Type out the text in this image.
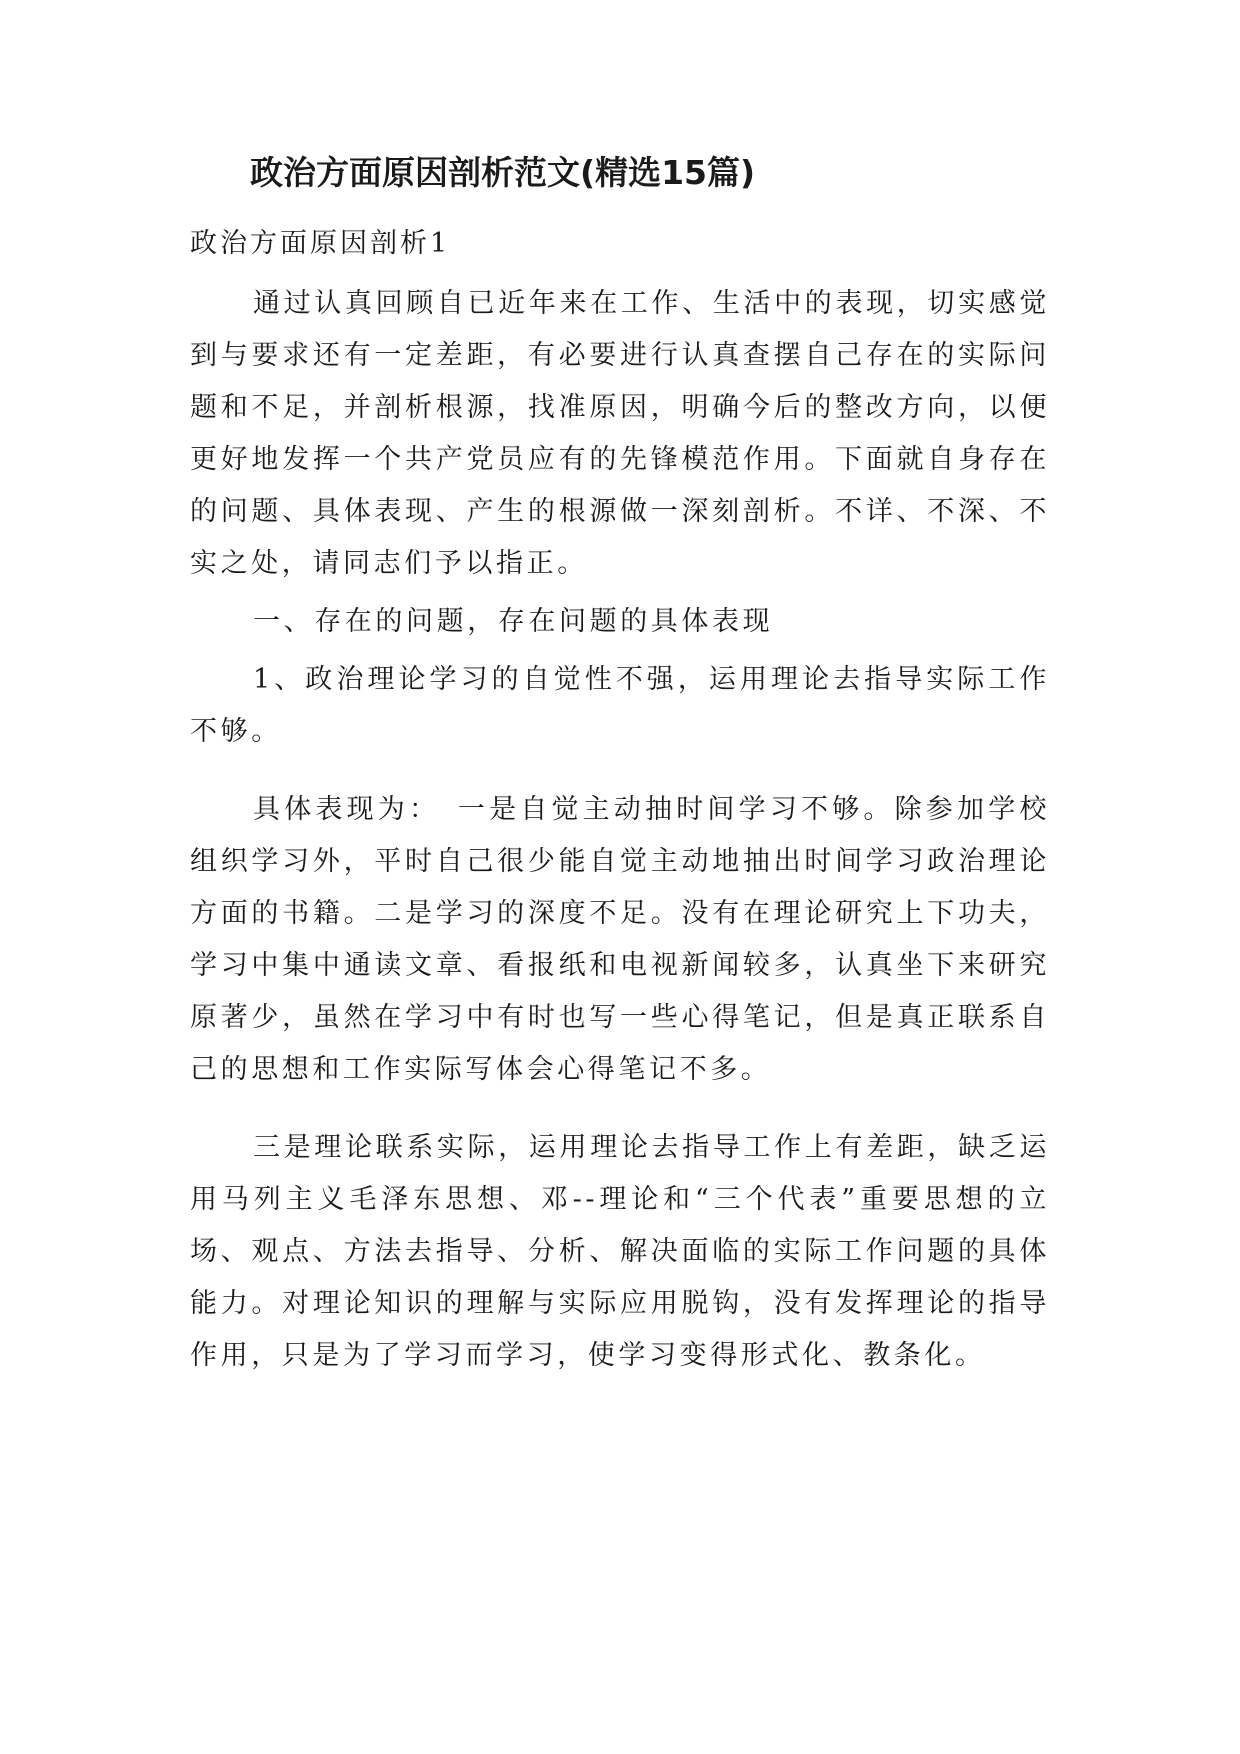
政治方面原因剖析范文(精选15篇)
政治方面原因剖析1

通过认真回顾自已近年来在工作、生活中的表现，切实感觉到与要求还有一定差距，有必要进行认真查摆自己存在的实际问题和不足，并剖析根源，找准原因，明确今后的整改方向，以便更好地发挥一个共产党员应有的先锋模范作用。下面就自身存在的问题、具体表现、产生的根源做一深刻剖析。不详、不深、不实之处，请同志们予以指正。

一、存在的问题，存在问题的具体表现

1、政治理论学习的自觉性不强，运用理论去指导实际工作不够。

具体表现为：　一是自觉主动抽时间学习不够。除参加学校组织学习外，平时自己很少能自觉主动地抽出时间学习政治理论方面的书籍。二是学习的深度不足。没有在理论研究上下功夫，学习中集中通读文章、看报纸和电视新闻较多，认真坐下来研究原著少，虽然在学习中有时也写一些心得笔记，但是真正联系自己的思想和工作实际写体会心得笔记不多。

三是理论联系实际，运用理论去指导工作上有差距，缺乏运用马列主义毛泽东思想、邓--理论和“三个代表”重要思想的立场、观点、方法去指导、分析、解决面临的实际工作问题的具体能力。对理论知识的理解与实际应用脱钩，没有发挥理论的指导作用，只是为了学习而学习，使学习变得形式化、教条化。
